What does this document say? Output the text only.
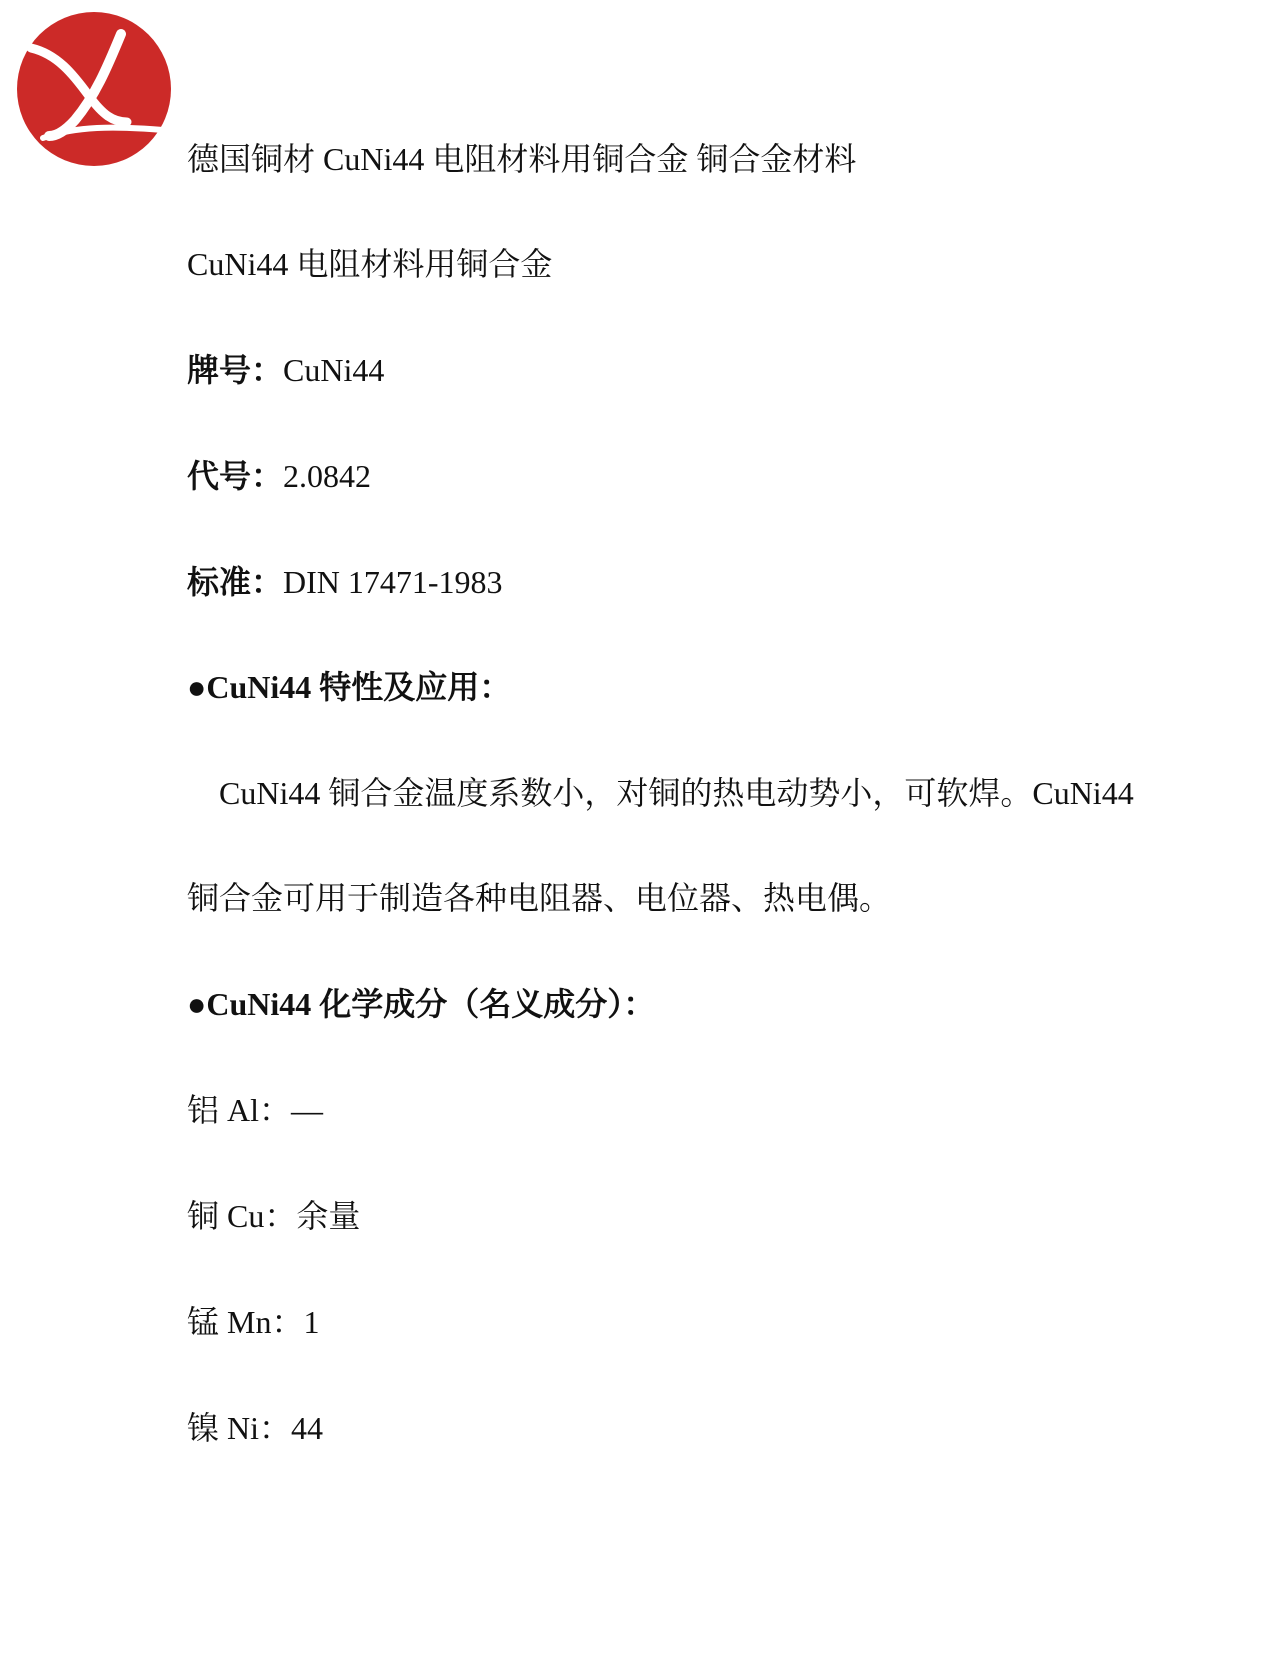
德国铜材 CuNi44 电阻材料用铜合金 铜合金材料
CuNi44 电阻材料用铜合金
牌号：CuNi44
代号：2.0842
标准：DIN 17471-1983
●CuNi44 特性及应用：
CuNi44 铜合金温度系数小，对铜的热电动势小，可软焊。CuNi44
铜合金可用于制造各种电阻器、电位器、热电偶。
●CuNi44 化学成分（名义成分）：
铝 Al：—
铜 Cu：余量
锰 Mn：1
镍 Ni：44
